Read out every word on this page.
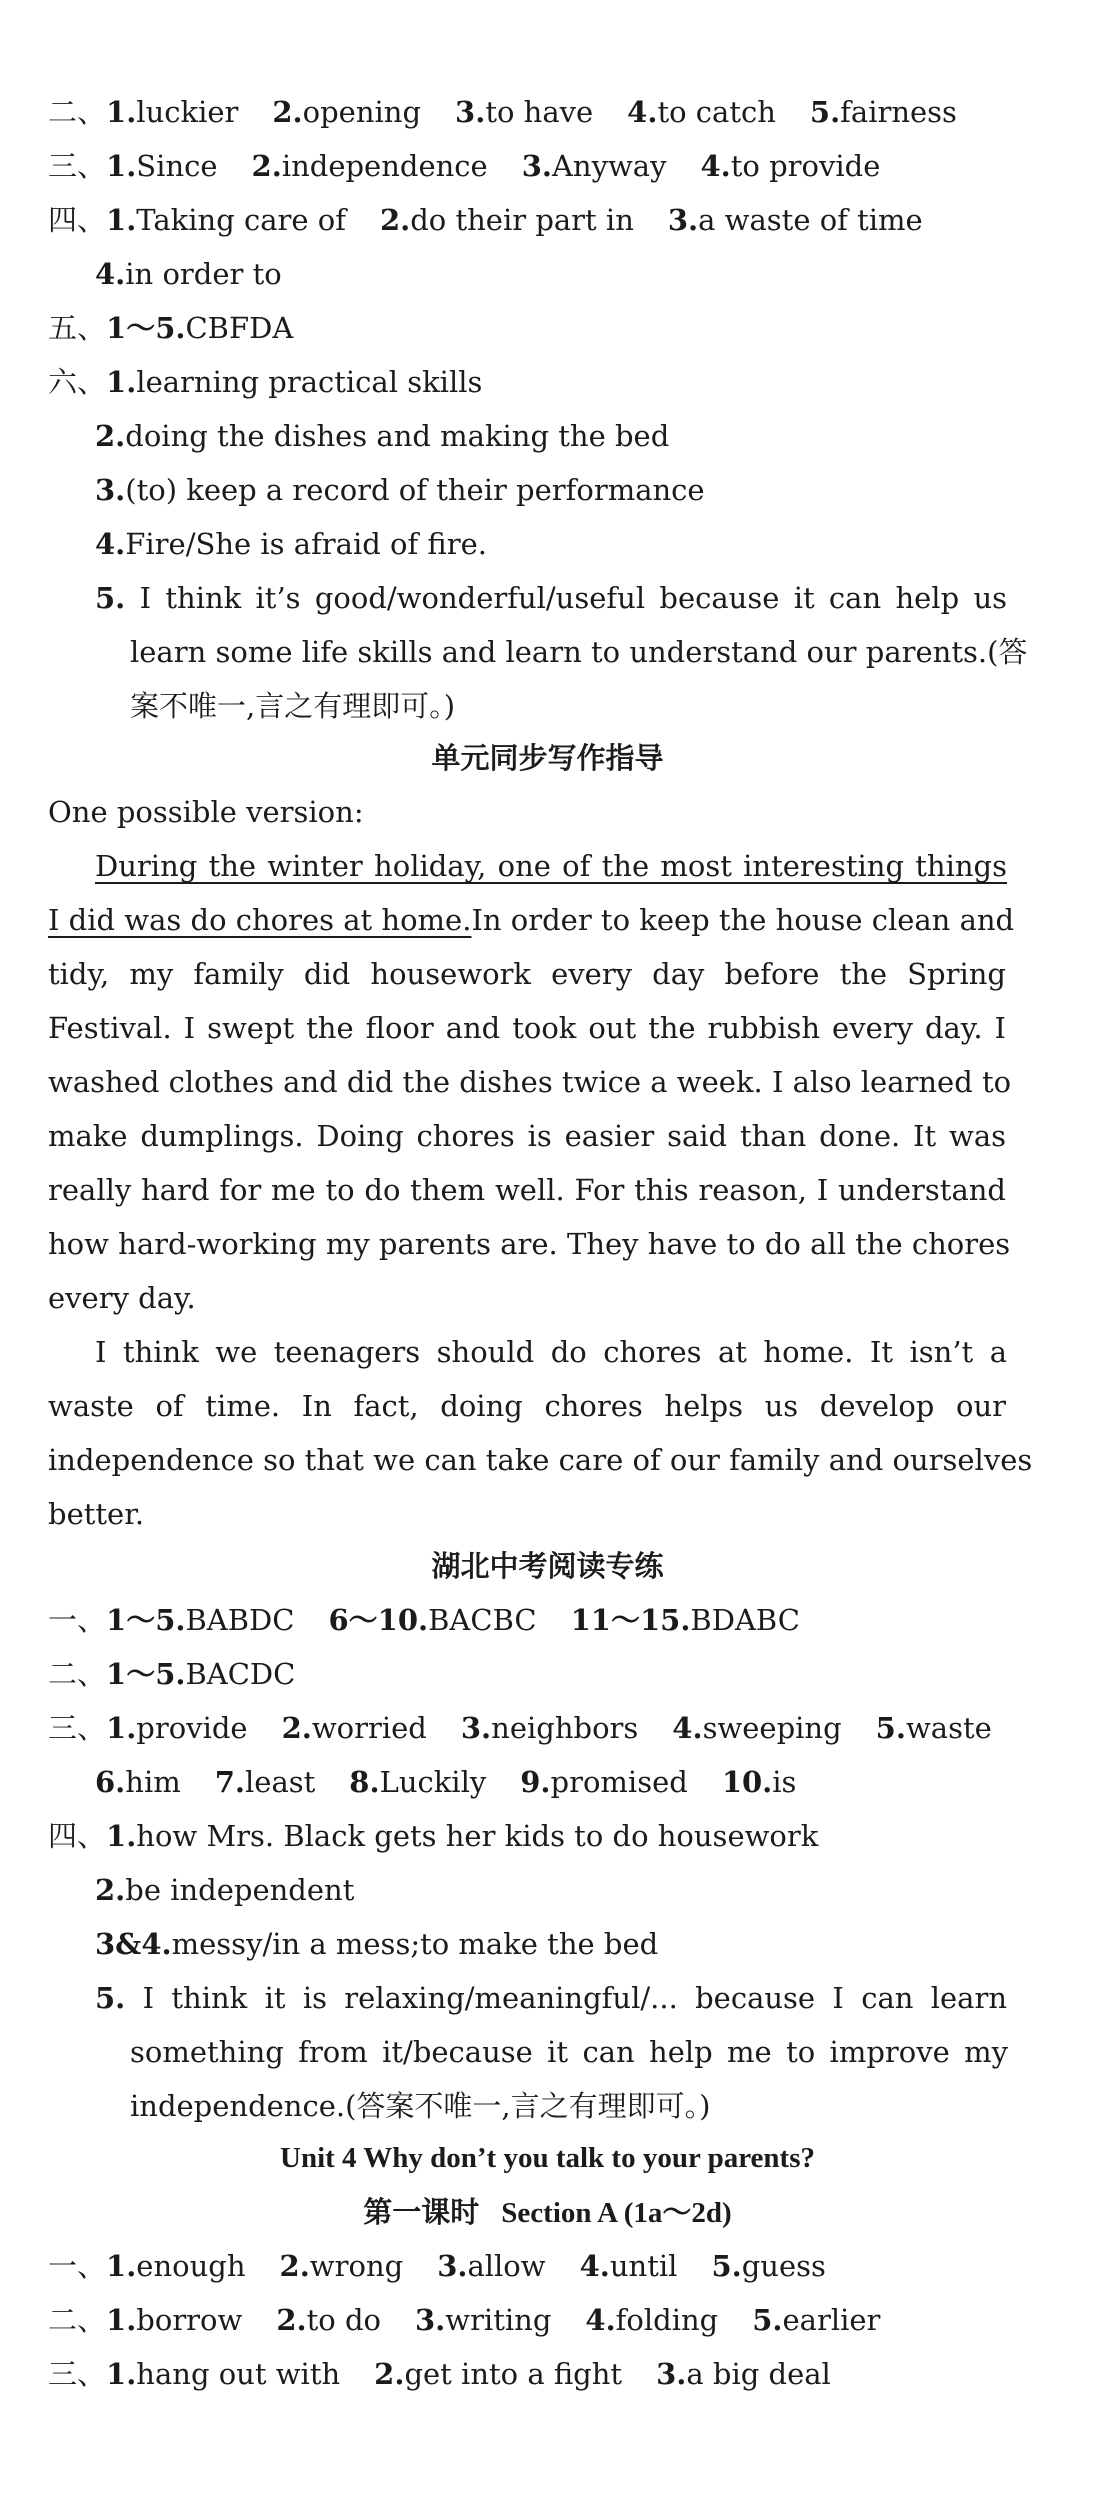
二、1.luckier 2.opening 3.to have 4.to catch 5.fairness
三、1.Since 2.independence 3.Anyway 4.to provide
四、1.Taking care of 2.do their part in 3.a waste of time
4.in order to
五、1～5.CBFDA
六、1.learning practical skills
2.doing the dishes and making the bed
3.(to) keep a record of their performance
4.Fire/She is afraid of fire.
5. I think it’s good/wonderful/useful because it can help us
learn some life skills and learn to understand our parents.(答
案不唯一,言之有理即可。)
单元同步写作指导
One possible version:
During the winter holiday, one of the most interesting things
I did was do chores at home.In order to keep the house clean and
tidy, my family did housework every day before the Spring
Festival. I swept the floor and took out the rubbish every day. I
washed clothes and did the dishes twice a week. I also learned to
make dumplings. Doing chores is easier said than done. It was
really hard for me to do them well. For this reason, I understand
how hard-working my parents are. They have to do all the chores
every day.
I think we teenagers should do chores at home. It isn’t a
waste of time. In fact, doing chores helps us develop our
independence so that we can take care of our family and ourselves
better.
湖北中考阅读专练
一、1～5.BABDC 6～10.BACBC 11～15.BDABC
二、1～5.BACDC
三、1.provide 2.worried 3.neighbors 4.sweeping 5.waste
6.him 7.least 8.Luckily 9.promised 10.is
四、1.how Mrs. Black gets her kids to do housework
2.be independent
3&4.messy/in a mess;to make the bed
5. I think it is relaxing/meaningful/... because I can learn
something from it/because it can help me to improve my
independence.(答案不唯一,言之有理即可。)
Unit 4 Why don’t you talk to your parents?
第一课时 Section A (1a～2d)
一、1.enough 2.wrong 3.allow 4.until 5.guess
二、1.borrow 2.to do 3.writing 4.folding 5.earlier
三、1.hang out with 2.get into a fight 3.a big deal
